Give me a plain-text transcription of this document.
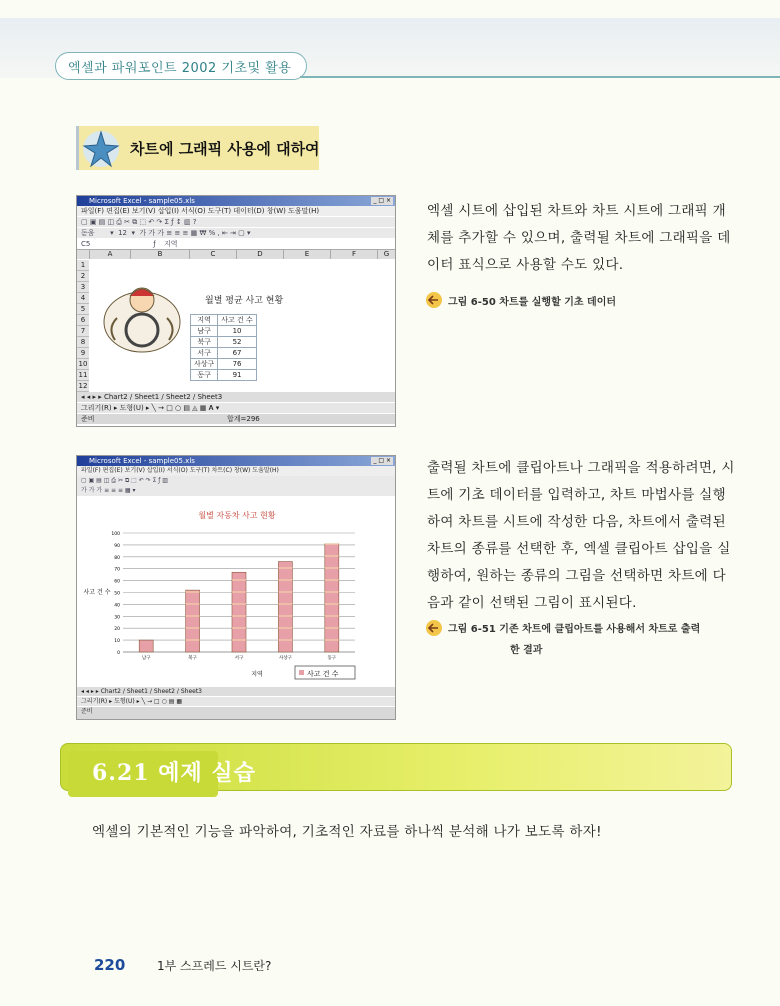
엑셀과 파워포인트 2002 기초및 활용
차트에 그래픽 사용에 대하여
Microsoft Excel - sample05.xls	_ □ ×
파일(F) 편집(E) 보기(V) 삽입(I) 서식(O) 도구(T) 데이터(D) 창(W) 도움말(H)
▢ ▣ ▤ ◫ ⎙ ✂ ⧉ ⬚ ↶ ↷ Σ ƒ ↕ ▥ ?
돋움       ▾  12  ▾  가 가 가 ≡ ≡ ≡ ▦ ₩ % , ⇤ ⇥ ▢ ▾
C5	ƒ 지역
A	B	C	D	E	F	G
1
2
3
4
5
6
7
8
9
10
11
12
월별 평균 사고 현황
지역	사고 건 수
남구	10
북구	52
서구	67
사상구	76
동구	91
◂ ◂ ▸ ▸ Chart2 / Sheet1 / Sheet2 / Sheet3
그리기(R) ▸ 도형(U) ▸ ╲ → □ ○ ▤ ◬ ▦ 𝐀 ▾
준비	합계=296
Microsoft Excel - sample05.xls	_ □ ×
파일(F) 편집(E) 보기(V) 삽입(I) 서식(O) 도구(T) 차트(C) 창(W) 도움말(H)
▢ ▣ ▤ ◫ ⎙ ✂ ⧉ ⬚ ↶ ↷ Σ ƒ ▥
가 가 가 ≡ ≡ ≡ ▦ ▾
월별 자동차 사고 현황
사고 건 수
지역
0
10
20
30
40
50
60
70
80
90
100
남구	북구	서구	사상구	동구
사고 건 수
◂ ◂ ▸ ▸ Chart2 / Sheet1 / Sheet2 / Sheet3
그리기(R) ▸ 도형(U) ▸ ╲ → □ ○ ▤ ▦
준비
엑셀 시트에 삽입된 차트와 차트 시트에 그래픽 개체를 추가할 수 있으며, 출력될 차트에 그래픽을 데이터 표식으로 사용할 수도 있다.
그림 6-50 차트를 실행할 기초 데이터
출력될 차트에 클립아트나 그래픽을 적용하려면, 시트에 기초 데이터를 입력하고, 차트 마법사를 실행하여 차트를 시트에 작성한 다음, 차트에서 출력된 차트의 종류를 선택한 후, 엑셀 클립아트 삽입을 실행하여, 원하는 종류의 그림을 선택하면 차트에 다음과 같이 선택된 그림이 표시된다.
그림 6-51 기존 차트에 클립아트를 사용해서 차트로 출력
한 결과
6.21 예제 실습
엑셀의 기본적인 기능을 파악하여, 기초적인 자료를 하나씩 분석해 나가 보도록 하자!
220	1부 스프레드 시트란?
